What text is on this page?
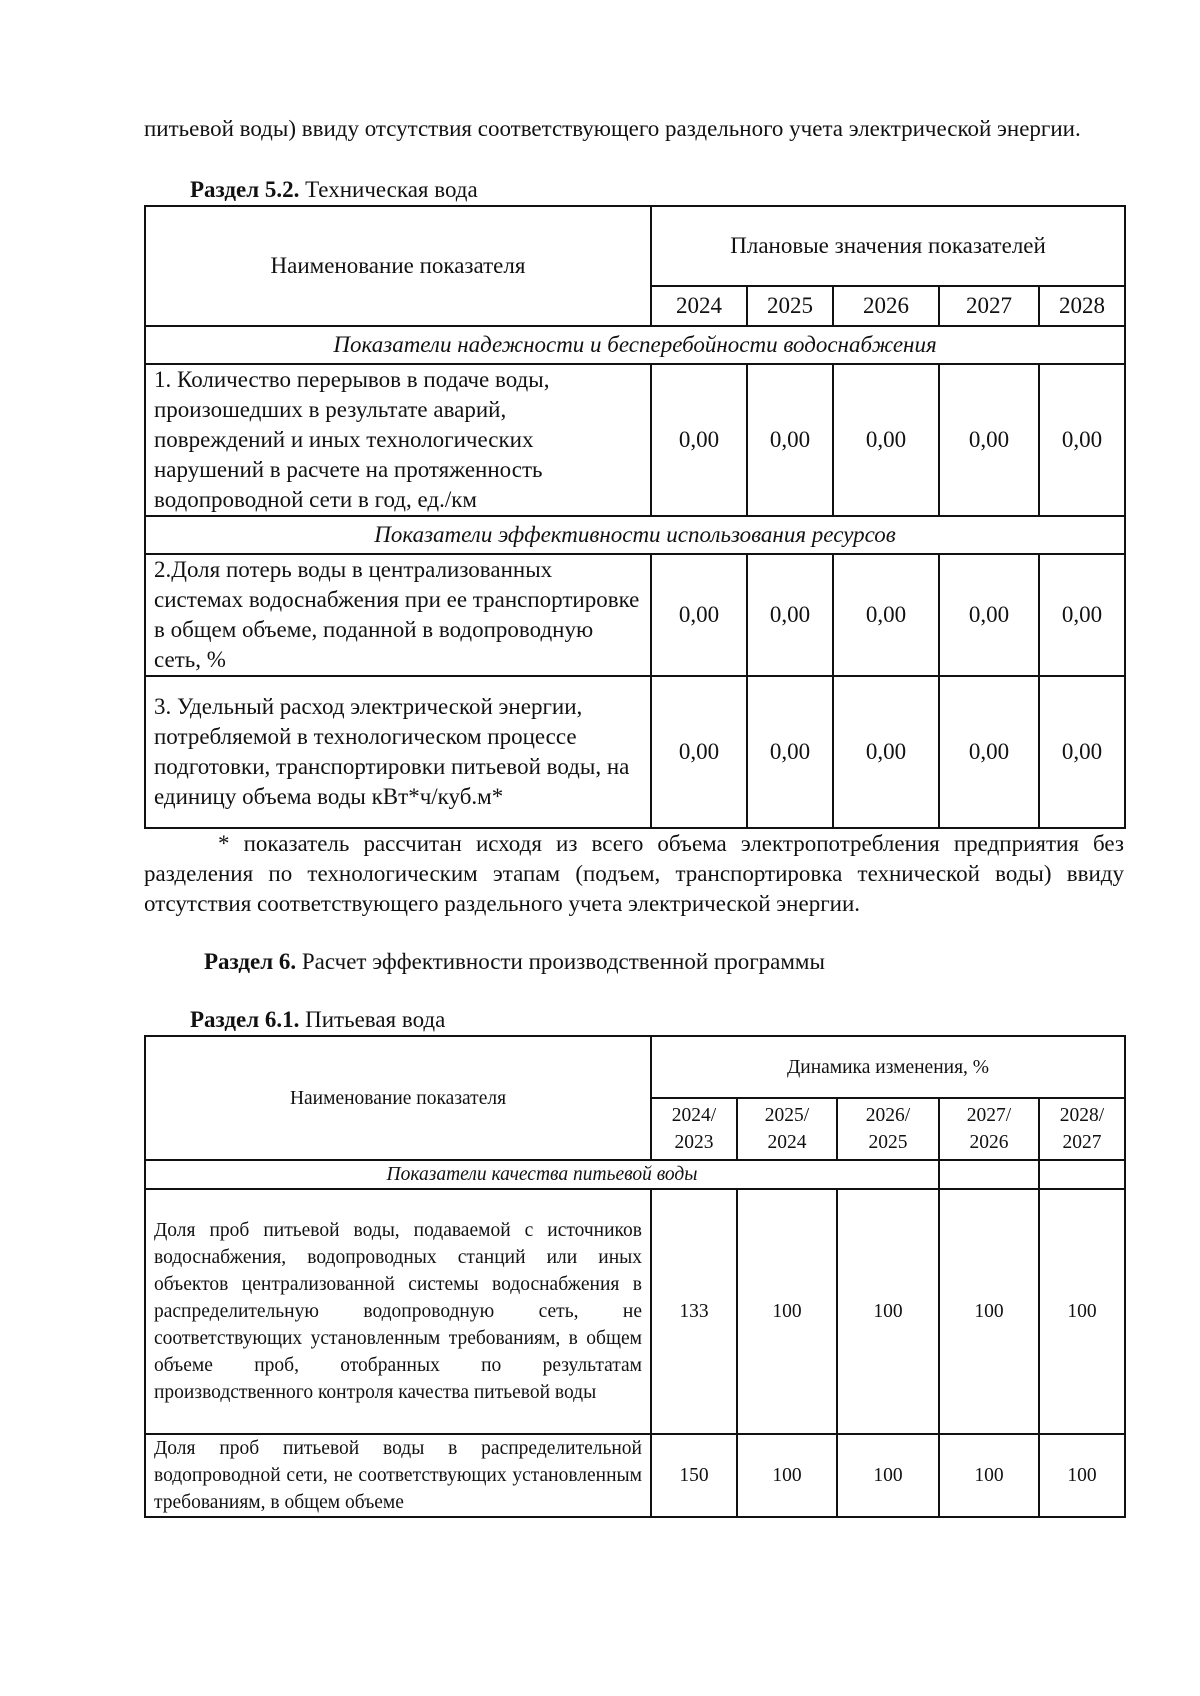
питьевой воды) ввиду отсутствия соответствующего раздельного учета электрической энергии.

Раздел 5.2. Техническая вода

Наименование показателя	Плановые значения показателей				
	2024	2025	2026	2027	2028
Показатели надежности и бесперебойности водоснабжения					
1. Количество перерывов в подаче воды, произошедших в результате аварий, повреждений и иных технологических нарушений в расчете на протяженность водопроводной сети в год, ед./км	0,00	0,00	0,00	0,00	0,00
Показатели эффективности использования ресурсов					
2.Доля потерь воды в централизованных системах водоснабжения при ее транспортировке в общем объеме, поданной в водопроводную сеть, %	0,00	0,00	0,00	0,00	0,00
3. Удельный расход электрической энергии, потребляемой в технологическом процессе подготовки, транспортировки питьевой воды, на единицу объема воды кВт*ч/куб.м*	0,00	0,00	0,00	0,00	0,00

* показатель рассчитан исходя из всего объема электропотребления предприятия без разделения по технологическим этапам (подъем, транспортировка технической воды) ввиду отсутствия соответствующего раздельного учета электрической энергии.

Раздел 6. Расчет эффективности производственной программы

Раздел 6.1. Питьевая вода

Наименование показателя	Динамика изменения, %				
	2024/ 2023	2025/ 2024	2026/ 2025	2027/ 2026	2028/ 2027
Показатели качества питьевой воды					
Доля проб питьевой воды, подаваемой с источников водоснабжения, водопроводных станций или иных объектов централизованной системы водоснабжения в распределительную водопроводную сеть, не соответствующих установленным требованиям, в общем объеме проб, отобранных по результатам производственного контроля качества питьевой воды	133	100	100	100	100

Доля проб питьевой воды в распределительной водопроводной сети, не соответствующих установленным требованиям, в общем объеме	150	100	100	100	100
